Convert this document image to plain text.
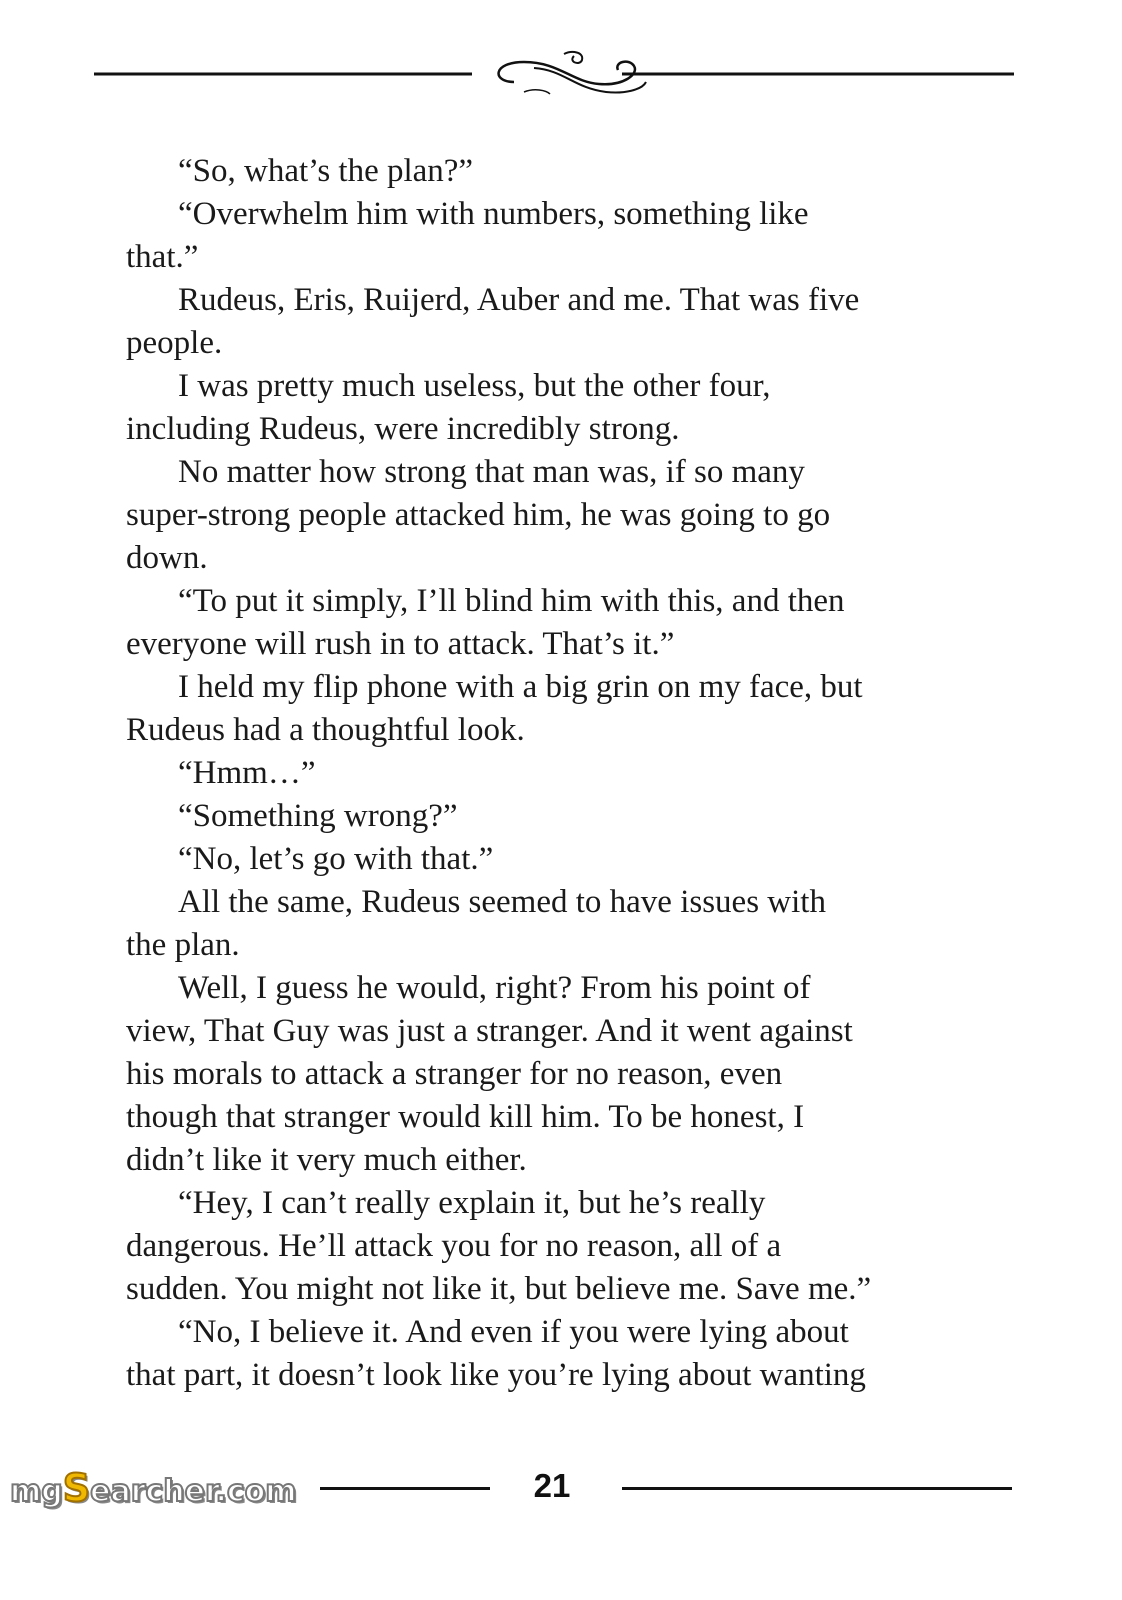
“So, what’s the plan?”
“Overwhelm him with numbers, something like
that.”
Rudeus, Eris, Ruijerd, Auber and me. That was five
people.
I was pretty much useless, but the other four,
including Rudeus, were incredibly strong.
No matter how strong that man was, if so many
super-strong people attacked him, he was going to go
down.
“To put it simply, I’ll blind him with this, and then
everyone will rush in to attack. That’s it.”
I held my flip phone with a big grin on my face, but
Rudeus had a thoughtful look.
“Hmm…”
“Something wrong?”
“No, let’s go with that.”
All the same, Rudeus seemed to have issues with
the plan.
Well, I guess he would, right? From his point of
view, That Guy was just a stranger. And it went against
his morals to attack a stranger for no reason, even
though that stranger would kill him. To be honest, I
didn’t like it very much either.
“Hey, I can’t really explain it, but he’s really
dangerous. He’ll attack you for no reason, all of a
sudden. You might not like it, but believe me. Save me.”
“No, I believe it. And even if you were lying about
that part, it doesn’t look like you’re lying about wanting
21
mgSearcher.com
